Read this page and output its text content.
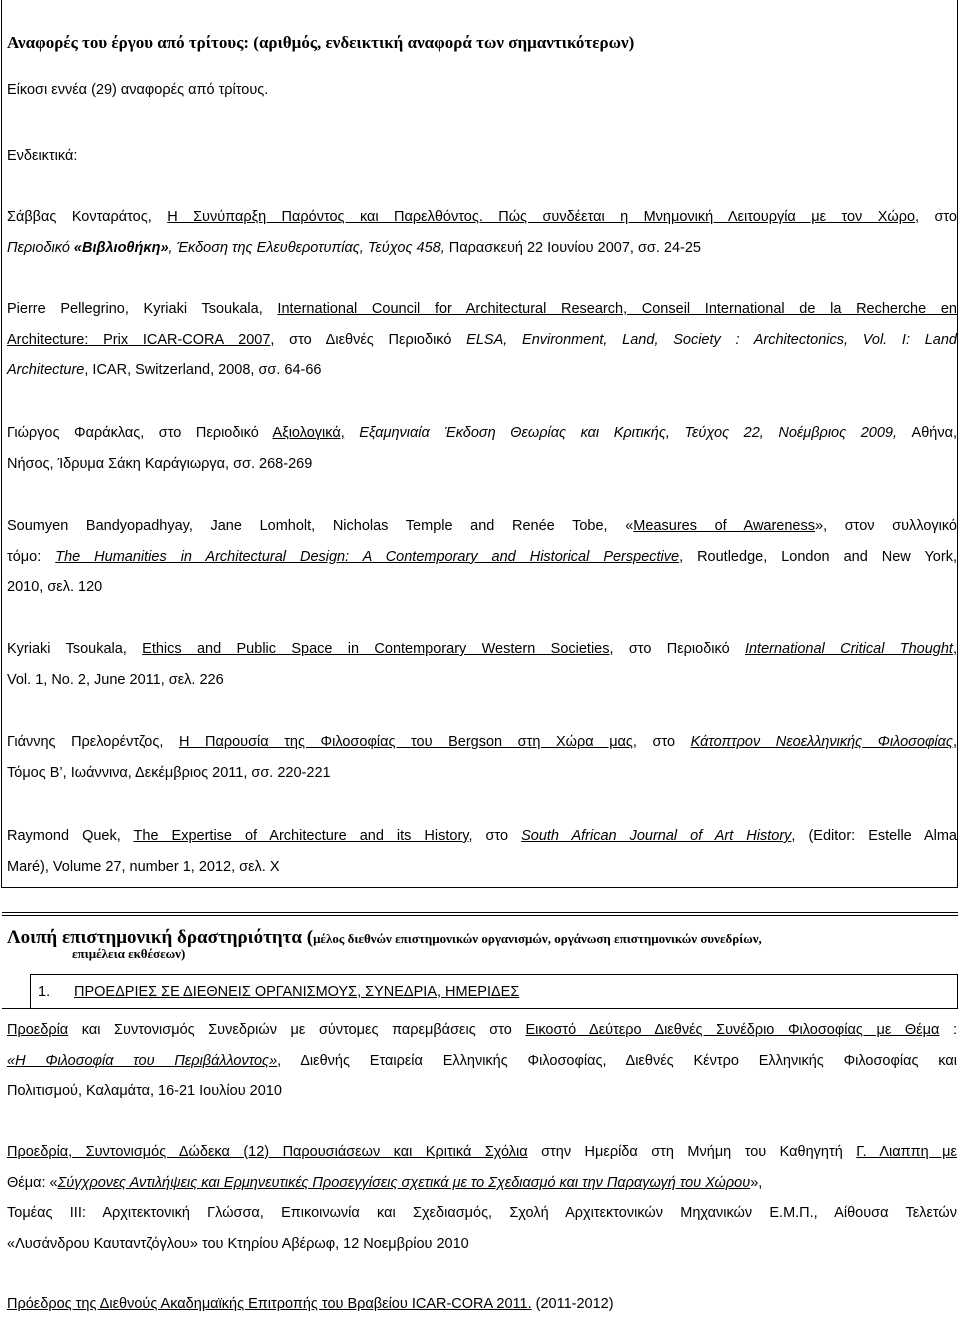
Αναφορές του έργου από τρίτους: (αριθμός, ενδεικτική αναφορά των σημαντικότερων)
Είκοσι εννέα (29) αναφορές από τρίτους.
Ενδεικτικά:
Σάββας Κονταράτος, Η Συνύπαρξη Παρόντος και Παρελθόντος. Πώς συνδέεται η Μνημονική Λειτουργία με τον Χώρο, στο
Περιοδικό «Βιβλιοθήκη», Έκδοση της Ελευθεροτυπίας, Τεύχος 458, Παρασκευή 22 Ιουνίου 2007, σσ. 24-25
Pierre Pellegrino, Kyriaki Tsoukala, International Council for Architectural Research, Conseil International de la Recherche en
Architecture: Prix ICAR-CORA 2007, στο Διεθνές Περιοδικό ELSA, Environment, Land, Society : Architectonics, Vol. I: Land
Architecture, ICAR, Switzerland, 2008, σσ. 64-66
Γιώργος Φαράκλας, στο Περιοδικό Αξιολογικά, Εξαμηνιαία Έκδοση Θεωρίας και Κριτικής, Τεύχος 22, Νοέμβριος 2009, Αθήνα,
Νήσος, Ίδρυμα Σάκη Καράγιωργα, σσ. 268-269
Soumyen Bandyopadhyay, Jane Lomholt, Nicholas Temple and Renée Tobe, «Measures of Awareness», στον συλλογικό
τόμο: The Humanities in Architectural Design: A Contemporary and Historical Perspective, Routledge, London and New York,
2010, σελ. 120
Kyriaki Tsoukala, Ethics and Public Space in Contemporary Western Societies, στο Περιοδικό International Critical Thought,
Vol. 1, No. 2, June 2011, σελ. 226
Γιάννης Πρελορέντζος, Η Παρουσία της Φιλοσοφίας του Bergson στη Χώρα μας, στο Κάτοπτρον Νεοελληνικής Φιλοσοφίας,
Τόμος Β’, Ιωάννινα, Δεκέμβριος 2011, σσ. 220-221
Raymond Quek, The Expertise of Architecture and its History, στο South African Journal of Art History, (Editor: Estelle Alma
Maré), Volume 27, number 1, 2012, σελ. Χ
Λοιπή επιστημονική δραστηριότητα (μέλος διεθνών επιστημονικών οργανισμών, οργάνωση επιστημονικών συνεδρίων,
επιμέλεια εκθέσεων)
1. ΠΡΟΕΔΡΙΕΣ ΣΕ ΔΙΕΘΝΕΙΣ ΟΡΓΑΝΙΣΜΟΥΣ, ΣΥΝΕΔΡΙΑ, ΗΜΕΡΙΔΕΣ
Προεδρία και Συντονισμός Συνεδριών με σύντομες παρεμβάσεις στο Εικοστό Δεύτερο Διεθνές Συνέδριο Φιλοσοφίας με Θέμα :
«Η Φιλοσοφία του Περιβάλλοντος», Διεθνής Εταιρεία Ελληνικής Φιλοσοφίας, Διεθνές Κέντρο Ελληνικής Φιλοσοφίας και
Πολιτισμού, Καλαμάτα, 16-21 Ιουλίου 2010
Προεδρία, Συντονισμός Δώδεκα (12) Παρουσιάσεων και Κριτικά Σχόλια στην Ημερίδα στη Μνήμη του Καθηγητή Γ. Λιαππη με
Θέμα: «Σύγχρονες Αντιλήψεις και Ερμηνευτικές Προσεγγίσεις σχετικά με το Σχεδιασμό και την Παραγωγή του Χώρου»,
Τομέας ΙΙΙ: Αρχιτεκτονική Γλώσσα, Επικοινωνία και Σχεδιασμός, Σχολή Αρχιτεκτονικών Μηχανικών Ε.Μ.Π., Αίθουσα Τελετών
«Λυσάνδρου Καυταντζόγλου» του Κτηρίου Αβέρωφ, 12 Νοεμβρίου 2010
Πρόεδρος της Διεθνούς Ακαδημαϊκής Επιτροπής του Βραβείου ICAR-CORA 2011. (2011-2012)
